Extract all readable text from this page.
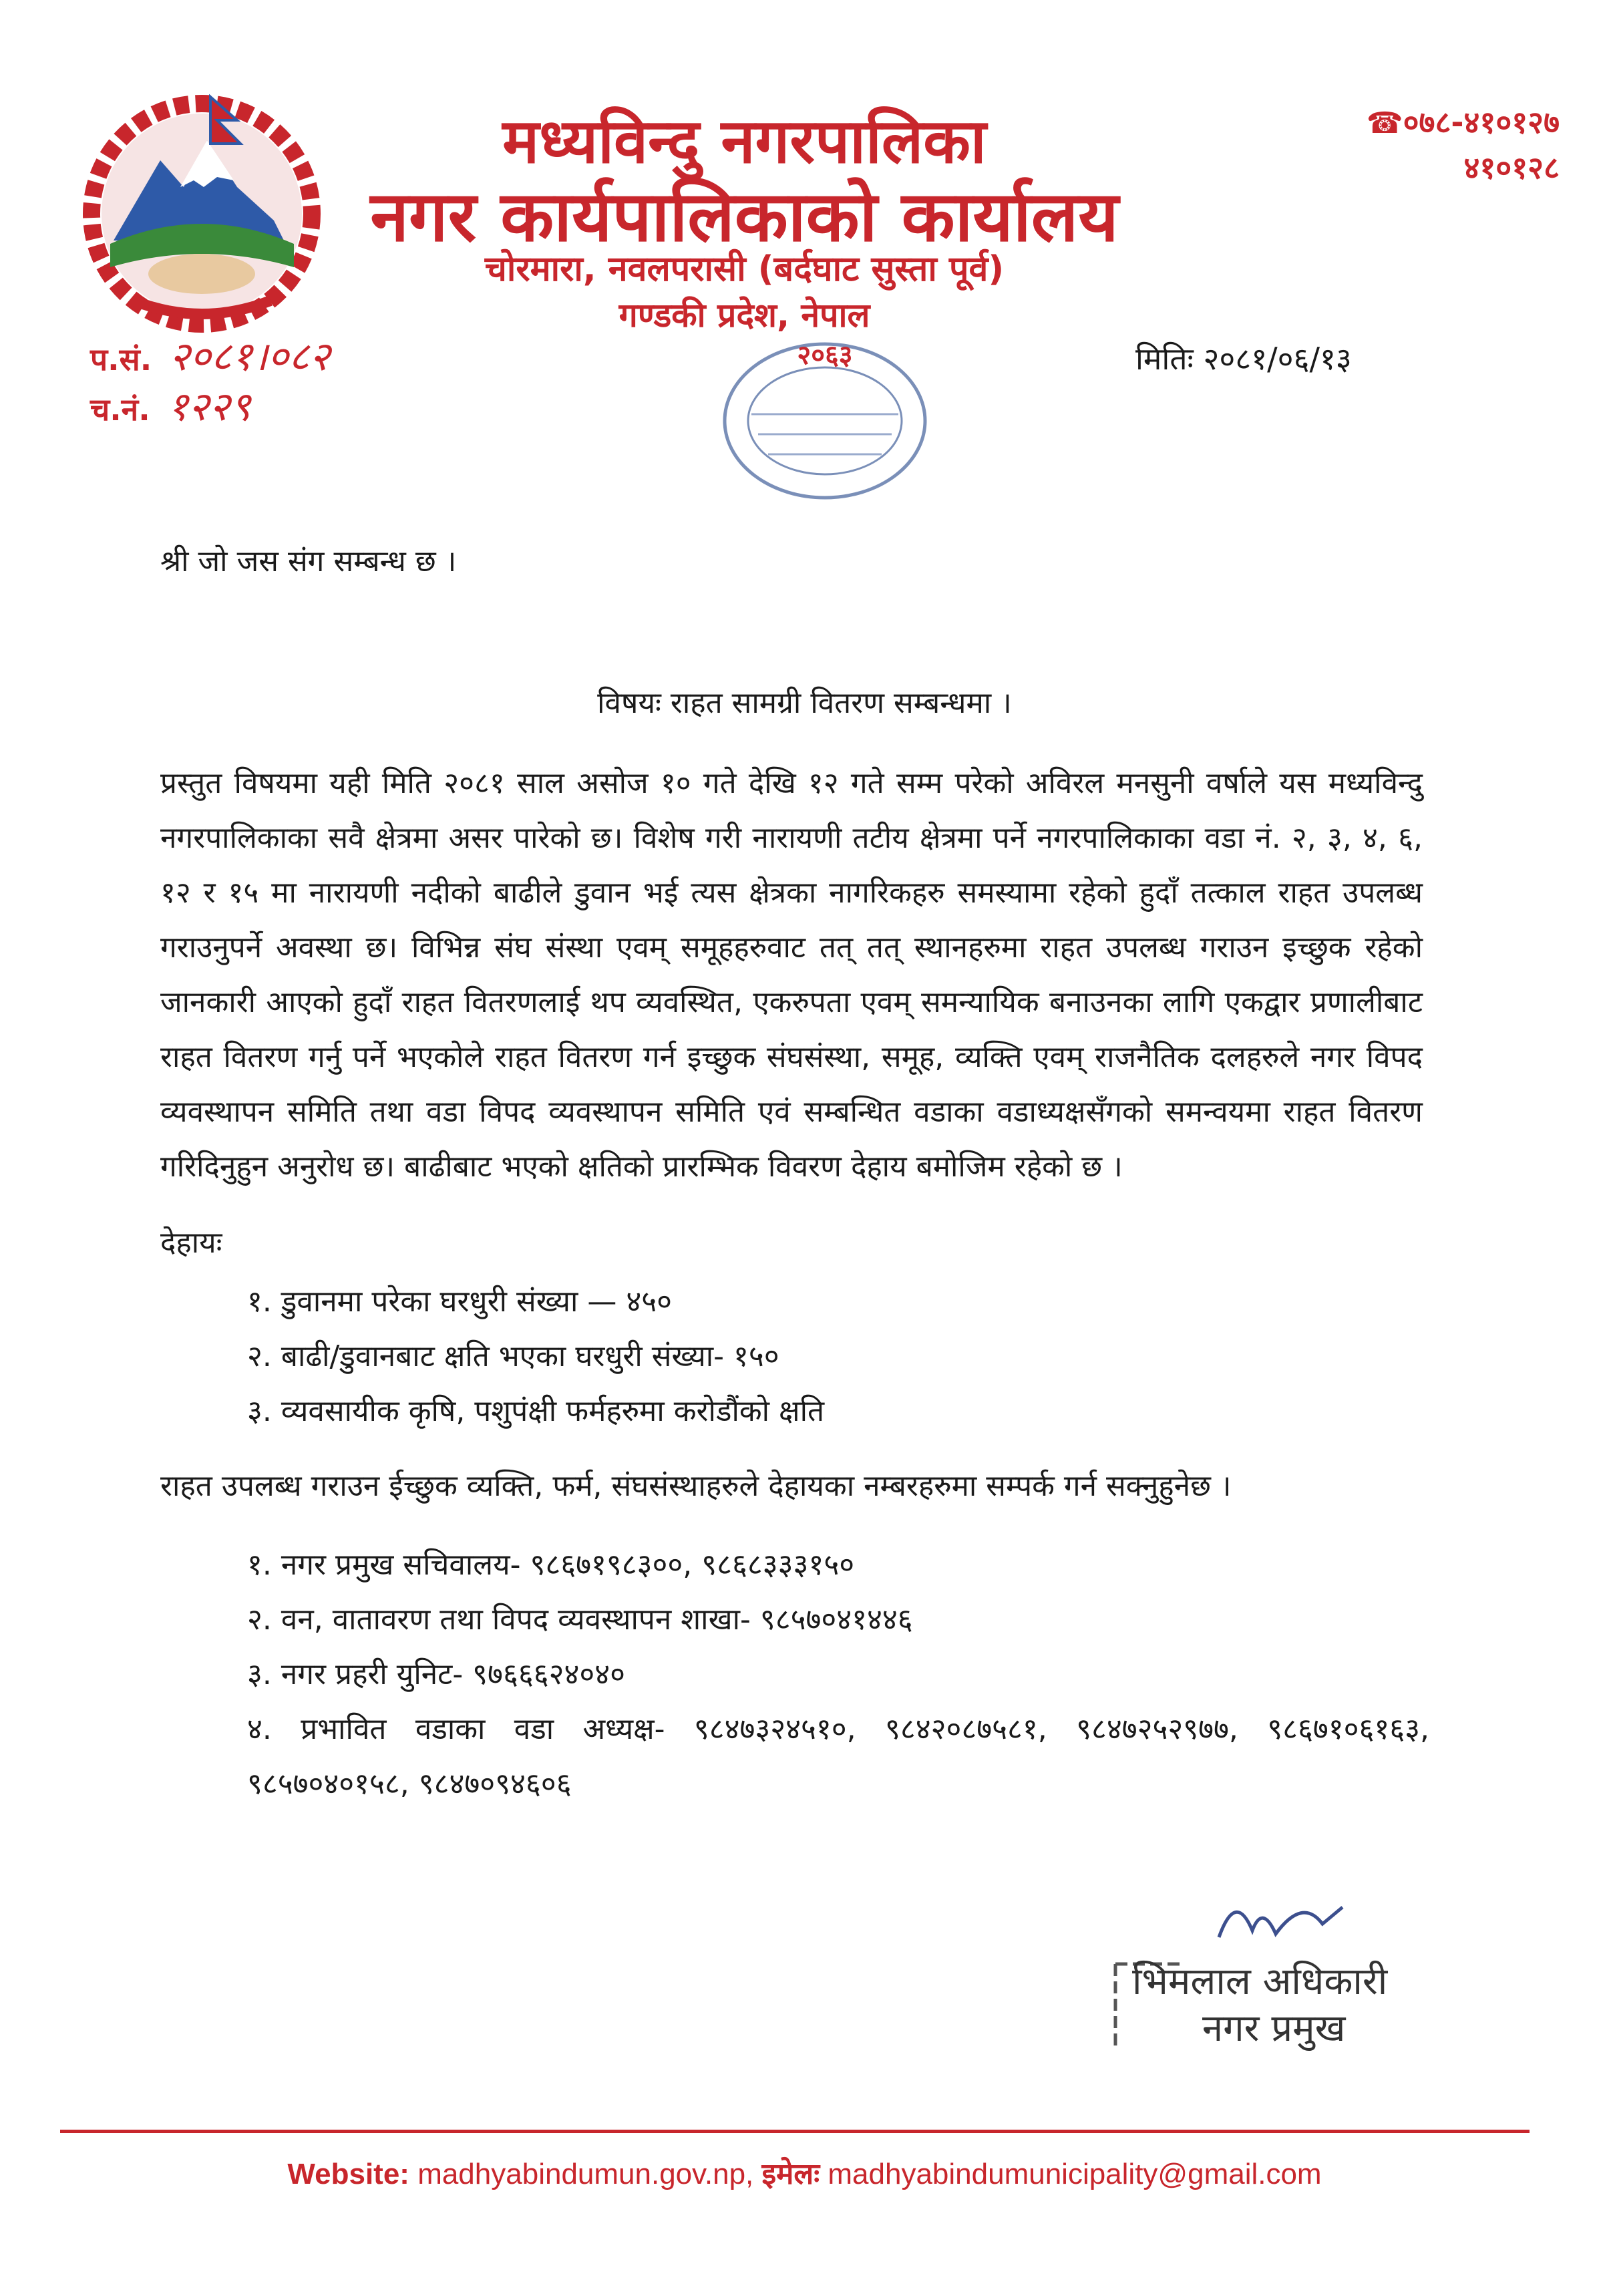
मध्यविन्दु नगरपालिका
नगर कार्यपालिकाको कार्यालय
चोरमारा, नवलपरासी (बर्दघाट सुस्ता पूर्व)
गण्डकी प्रदेश, नेपाल
☎०७८-४१०१२७
४१०१२८
प.सं. २०८१।०८२
च.नं. १२२९
२०६३	मितिः २०८१/०६/१३
श्री जो जस संग सम्बन्ध छ ।
विषयः राहत सामग्री वितरण सम्बन्धमा ।
प्रस्तुत विषयमा यही मिति २०८१ साल असोज १० गते देखि १२ गते सम्म परेको अविरल मनसुनी वर्षाले यस मध्यविन्दु नगरपालिकाका सवै क्षेत्रमा असर पारेको छ। विशेष गरी नारायणी तटीय क्षेत्रमा पर्ने नगरपालिकाका वडा नं. २, ३, ४, ६, १२ र १५ मा नारायणी नदीको बाढीले डुवान भई त्यस क्षेत्रका नागरिकहरु समस्यामा रहेको हुदाँ तत्काल राहत उपलब्ध गराउनुपर्ने अवस्था छ। विभिन्न संघ संस्था एवम् समूहहरुवाट तत् तत् स्थानहरुमा राहत उपलब्ध गराउन इच्छुक रहेको जानकारी आएको हुदाँ राहत वितरणलाई थप व्यवस्थित, एकरुपता एवम् समन्यायिक बनाउनका लागि एकद्वार प्रणालीबाट राहत वितरण गर्नु पर्ने भएकोले राहत वितरण गर्न इच्छुक संघसंस्था, समूह, व्यक्ति एवम् राजनैतिक दलहरुले नगर विपद व्यवस्थापन समिति तथा वडा विपद व्यवस्थापन समिति एवं सम्बन्धित वडाका वडाध्यक्षसँगको समन्वयमा राहत वितरण गरिदिनुहुन अनुरोध छ। बाढीबाट भएको क्षतिको प्रारम्भिक विवरण देहाय बमोजिम रहेको छ ।
देहायः
१. डुवानमा परेका घरधुरी संख्या — ४५०
२. बाढी/डुवानबाट क्षति भएका घरधुरी संख्या- १५०
३. व्यवसायीक कृषि, पशुपंक्षी फर्महरुमा करोडौंको क्षति
राहत उपलब्ध गराउन ईच्छुक व्यक्ति, फर्म, संघसंस्थाहरुले देहायका नम्बरहरुमा सम्पर्क गर्न सक्नुहुनेछ ।
१. नगर प्रमुख सचिवालय- ९८६७१९८३००, ९८६८३३३१५०
२. वन, वातावरण तथा विपद व्यवस्थापन शाखा- ९८५७०४१४४६
३. नगर प्रहरी युनिट- ९७६६६२४०४०
४. प्रभावित वडाका वडा अध्यक्ष- ९८४७३२४५१०, ९८४२०८७५८१, ९८४७२५२९७७, ९८६७१०६१६३, ९८५७०४०१५८, ९८४७०९४६०६
भिमलाल अधिकारी
नगर प्रमुख
Website: madhyabindumun.gov.np, इमेलः madhyabindumunicipality@gmail.com
